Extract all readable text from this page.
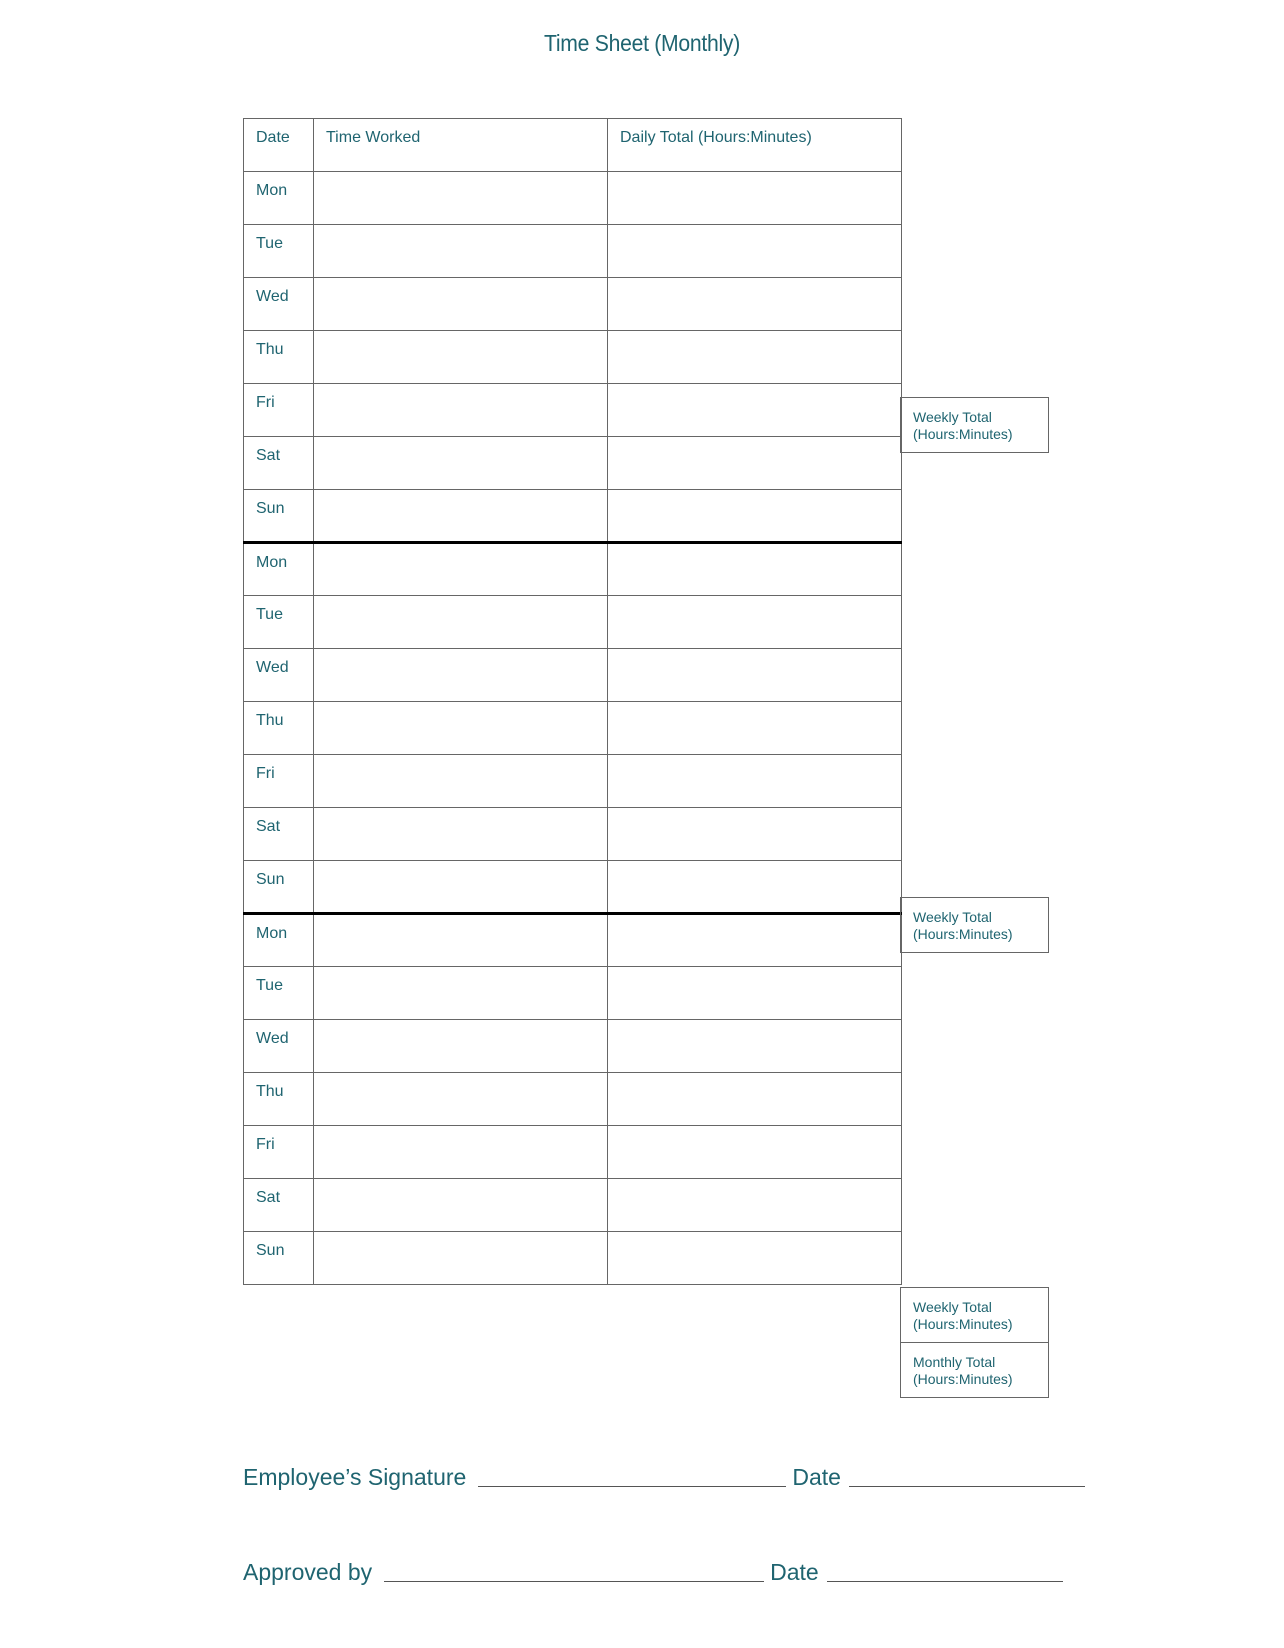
Time Sheet (Monthly)
Date	Time Worked	Daily Total (Hours:Minutes)

Mon		

Tue		

Wed		

Thu		

Fri		

Sat		

Sun		

Mon		

Tue		

Wed		

Thu		

Fri		

Sat		

Sun		

Mon		

Tue		

Wed		

Thu		

Fri		

Sat		

Sun		

Weekly Total
(Hours:Minutes)
Weekly Total
(Hours:Minutes)
Weekly Total
(Hours:Minutes)
Monthly Total
(Hours:Minutes)
Employee’s Signature	Date
Approved by	Date
